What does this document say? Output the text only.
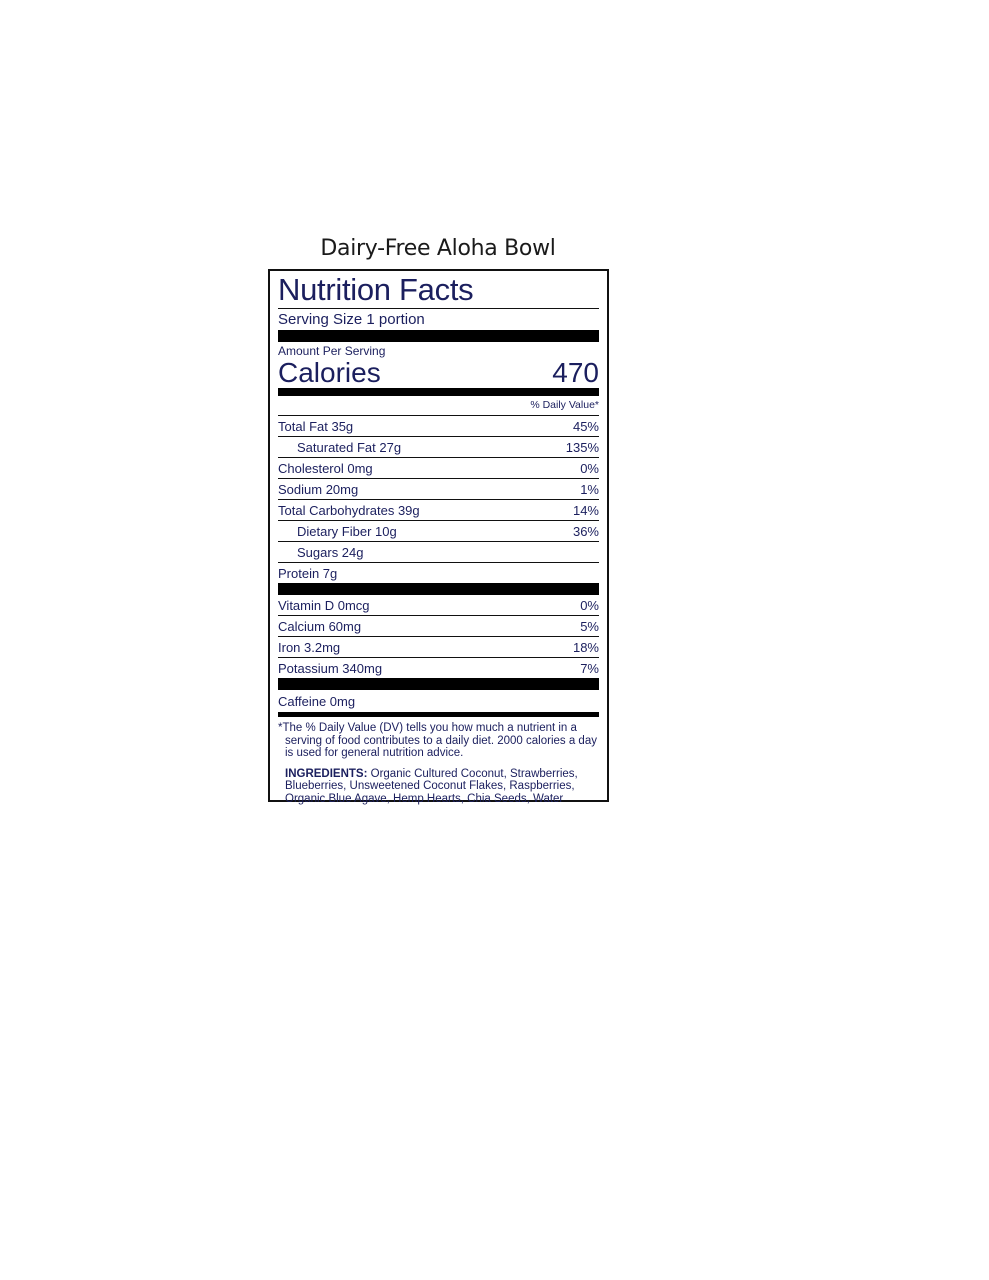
Dairy-Free Aloha Bowl
Nutrition Facts
Serving Size 1 portion
Amount Per Serving
Calories	470
% Daily Value*
Total Fat 35g	45%
Saturated Fat 27g	135%
Cholesterol 0mg	0%
Sodium 20mg	1%
Total Carbohydrates 39g	14%
Dietary Fiber 10g	36%
Sugars 24g
Protein 7g
Vitamin D 0mcg	0%
Calcium 60mg	5%
Iron 3.2mg	18%
Potassium 340mg	7%
Caffeine 0mg
*The % Daily Value (DV) tells you how much a nutrient in a serving of food contributes to a daily diet. 2000 calories a day is used for general nutrition advice.
INGREDIENTS: Organic Cultured Coconut, Strawberries, Blueberries, Unsweetened Coconut Flakes, Raspberries, Organic Blue Agave, Hemp Hearts, Chia Seeds, Water
